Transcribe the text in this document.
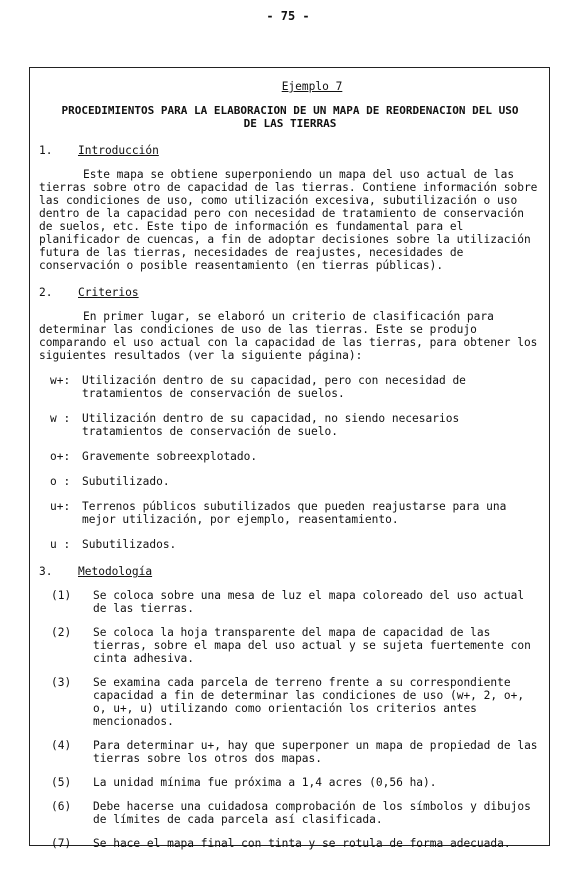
- 75 -
Ejemplo 7
PROCEDIMIENTOS PARA LA ELABORACION DE UN MAPA DE REORDENACION DEL USO
DE LAS TIERRAS
1.	Introducción
Este mapa se obtiene superponiendo un mapa del uso actual de las tierras sobre otro de capacidad de las tierras. Contiene información sobre las condiciones de uso, como utilización excesiva, subutilización o uso dentro de la capacidad pero con necesidad de tratamiento de conservación de suelos, etc. Este tipo de información es fundamental para el planificador de cuencas, a fin de adoptar decisiones sobre la utilización futura de las tierras, necesidades de reajustes, necesidades de conservación o posible reasentamiento (en tierras públicas).
2.	Criterios
En primer lugar, se elaboró un criterio de clasificación para determinar las condiciones de uso de las tierras. Este se produjo comparando el uso actual con la capacidad de las tierras, para obtener los siguientes resultados (ver la siguiente página):
w+:	Utilización dentro de su capacidad, pero con necesidad de tratamientos de conservación de suelos.
w :	Utilización dentro de su capacidad, no siendo necesarios tratamientos de conservación de suelo.
o+:	Gravemente sobreexplotado.
o :	Subutilizado.
u+:	Terrenos públicos subutilizados que pueden reajustarse para una mejor utilización, por ejemplo, reasentamiento.
u :	Subutilizados.
3.	Metodología
(1)	Se coloca sobre una mesa de luz el mapa coloreado del uso actual de las tierras.
(2)	Se coloca la hoja transparente del mapa de capacidad de las tierras, sobre el mapa del uso actual y se sujeta fuertemente con cinta adhesiva.
(3)	Se examina cada parcela de terreno frente a su correspondiente capacidad a fin de determinar las condiciones de uso (w+, 2, o+, o, u+, u) utilizando como orientación los criterios antes mencionados.
(4)	Para determinar u+, hay que superponer un mapa de propiedad de las tierras sobre los otros dos mapas.
(5)	La unidad mínima fue próxima a 1,4 acres (0,56 ha).
(6)	Debe hacerse una cuidadosa comprobación de los símbolos y dibujos de límites de cada parcela así clasificada.
(7)	Se hace el mapa final con tinta y se rotula de forma adecuada.
